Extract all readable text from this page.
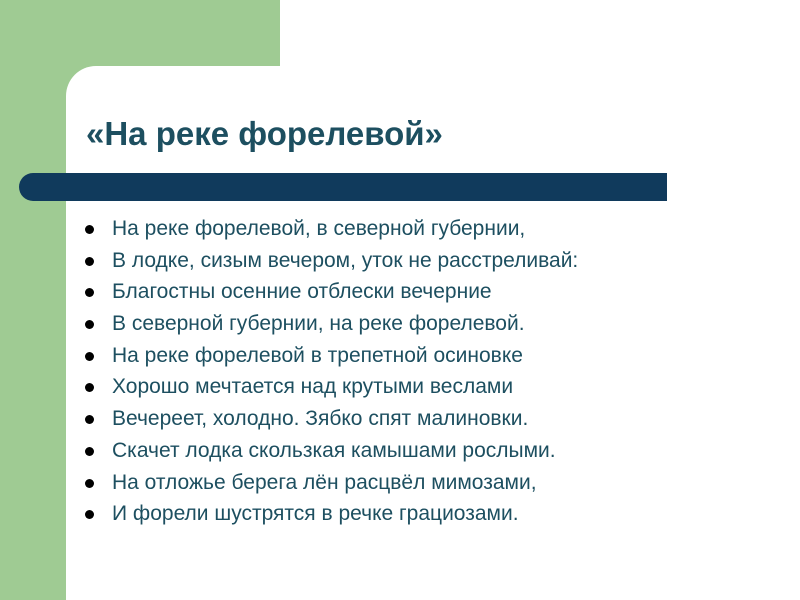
«На реке форелевой»
На реке форелевой, в северной губернии,
В лодке, сизым вечером, уток не расстреливай:
Благостны осенние отблески вечерние
В северной губернии, на реке форелевой.
На реке форелевой в трепетной осиновке
Хорошо мечтается над крутыми веслами
Вечереет, холодно. Зябко спят малиновки.
Скачет лодка скользкая камышами рослыми.
На отложье берега лён расцвёл мимозами,
И форели шустрятся в речке грациозами.
